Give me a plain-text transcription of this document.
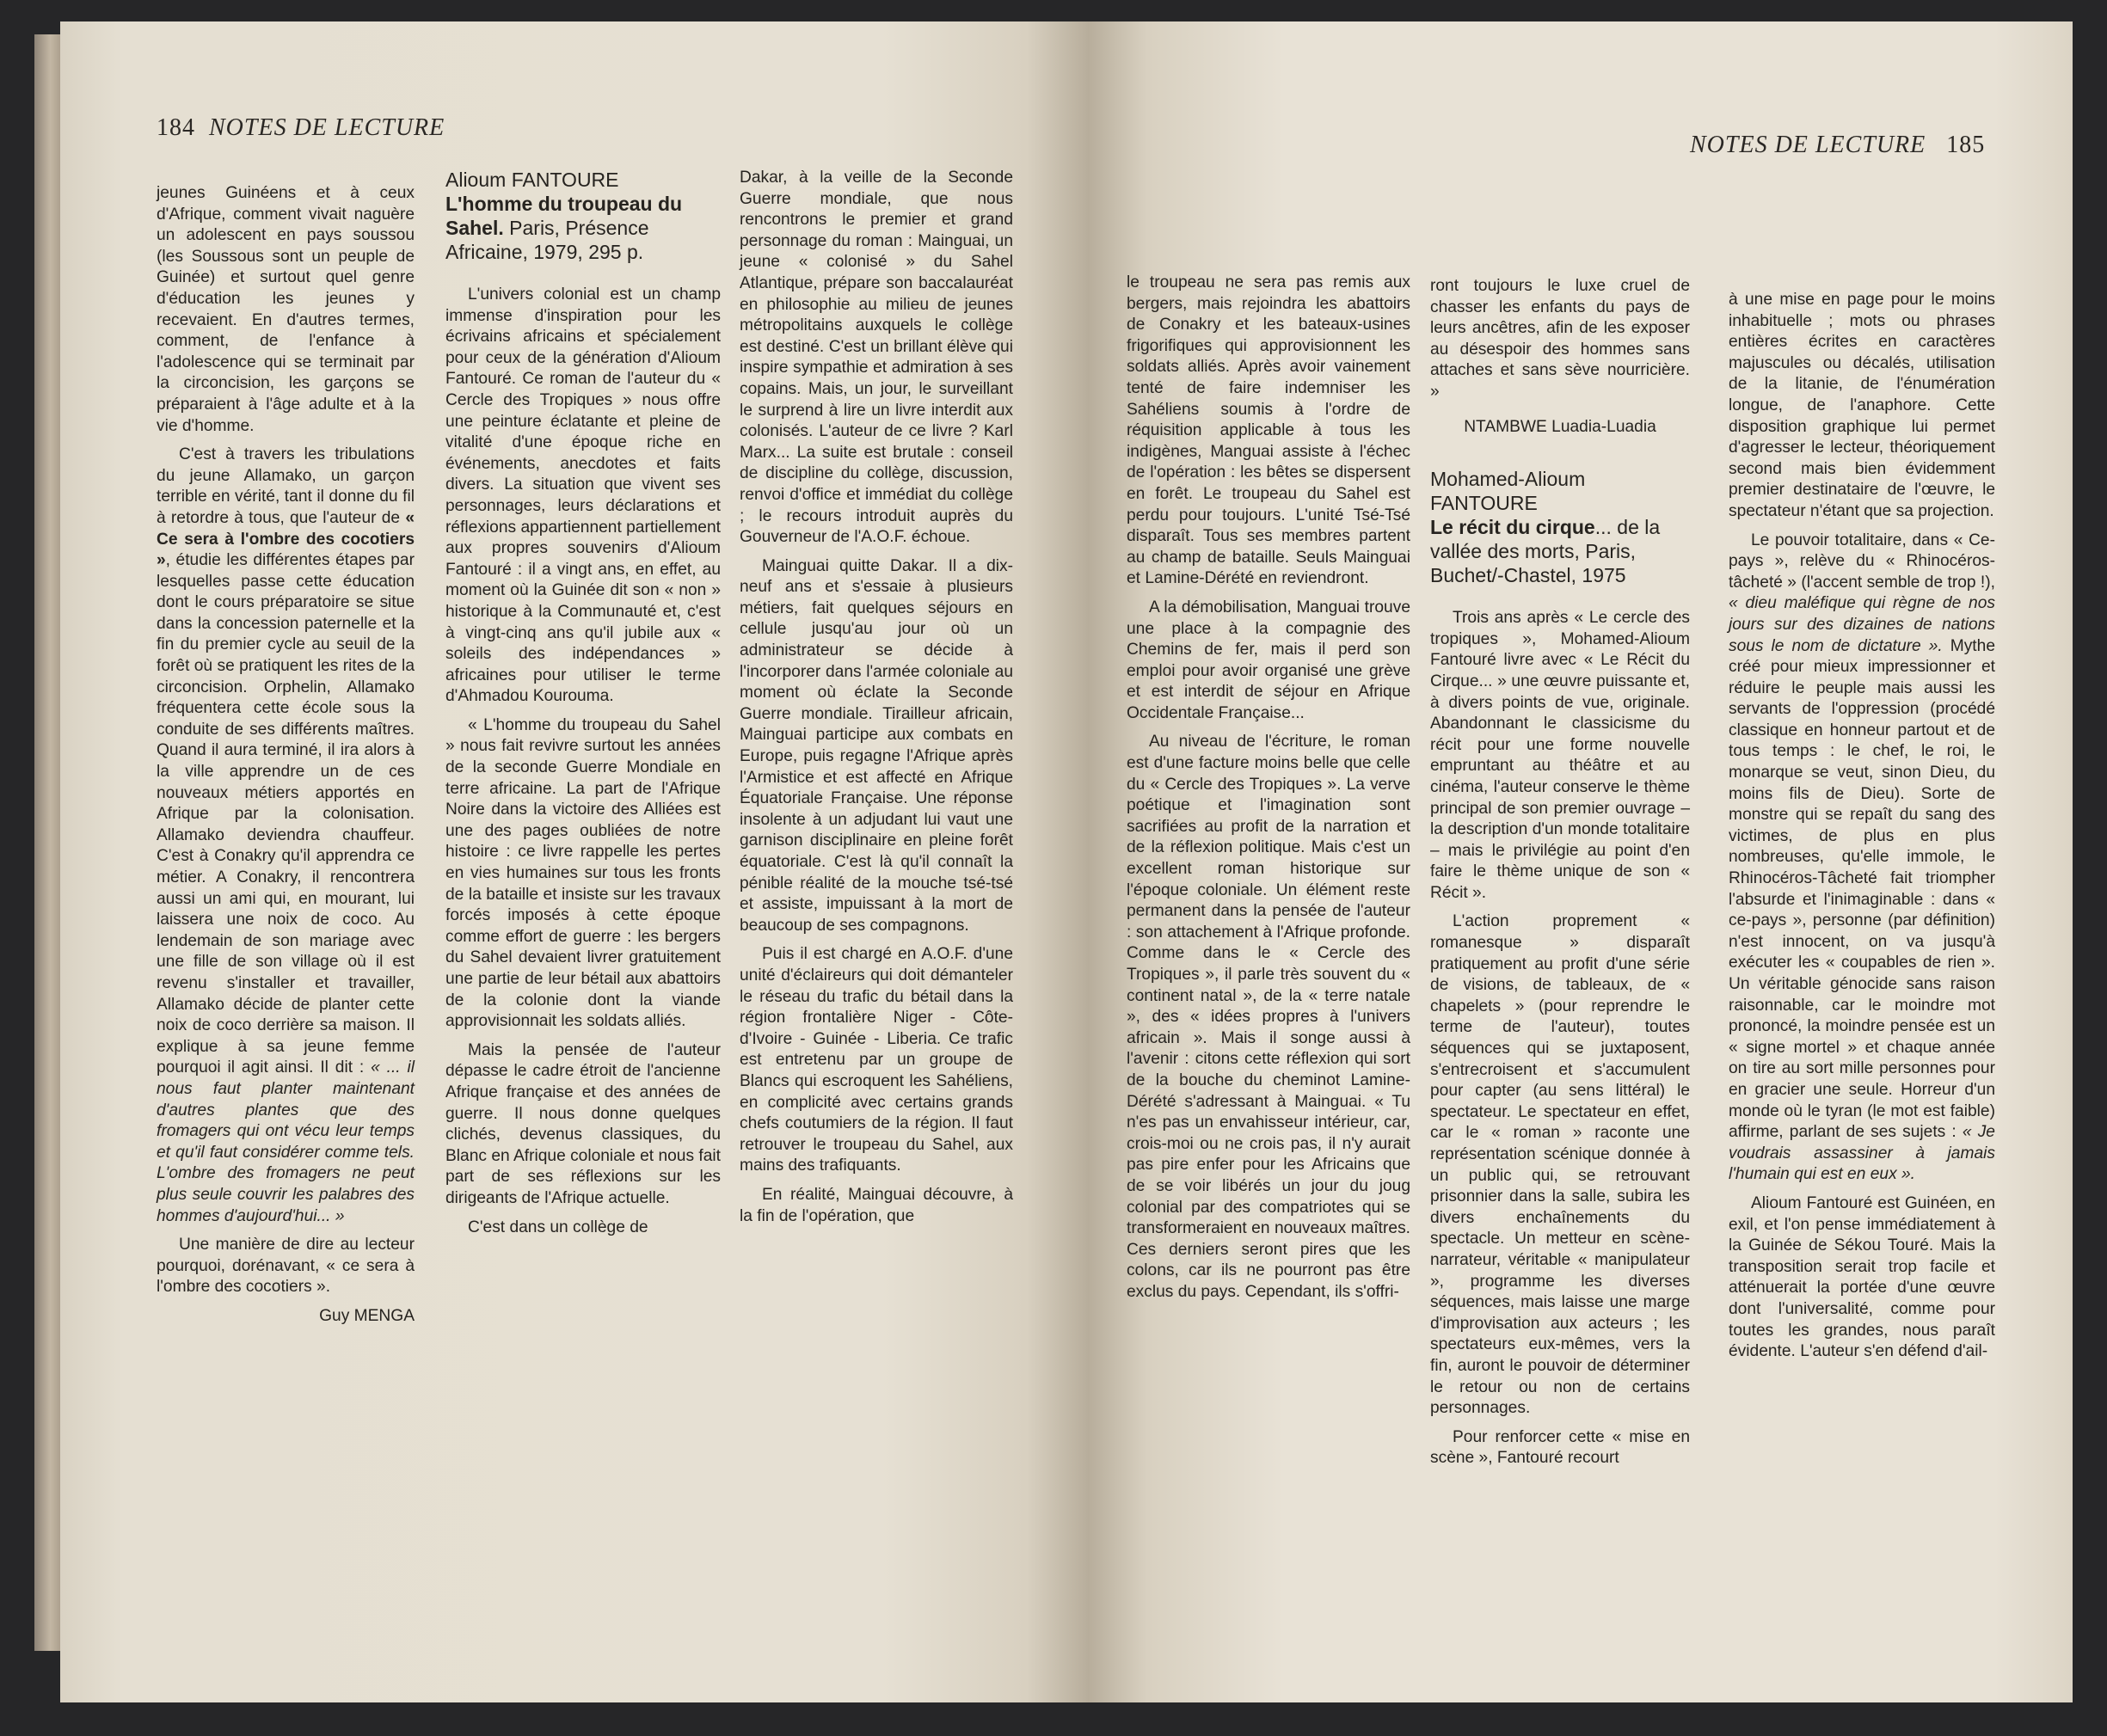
184 NOTES DE LECTURE

jeunes Guinéens et à ceux d'Afrique, comment vivait naguère un adolescent en pays soussou (les Soussous sont un peuple de Guinée) et surtout quel genre d'éducation les jeunes y recevaient. En d'autres termes, comment, de l'enfance à l'adolescence qui se terminait par la circoncision, les garçons se préparaient à l'âge adulte et à la vie d'homme.

C'est à travers les tribulations du jeune Allamako, un garçon terrible en vérité, tant il donne du fil à retordre à tous, que l'auteur de « Ce sera à l'ombre des cocotiers », étudie les différentes étapes par lesquelles passe cette éducation dont le cours préparatoire se situe dans la concession paternelle et la fin du premier cycle au seuil de la forêt où se pratiquent les rites de la circoncision. Orphelin, Allamako fréquentera cette école sous la conduite de ses différents maîtres. Quand il aura terminé, il ira alors à la ville apprendre un de ces nouveaux métiers apportés en Afrique par la colonisation. Allamako deviendra chauffeur. C'est à Conakry qu'il apprendra ce métier. A Conakry, il rencontrera aussi un ami qui, en mourant, lui laissera une noix de coco. Au lendemain de son mariage avec une fille de son village où il est revenu s'installer et travailler, Allamako décide de planter cette noix de coco derrière sa maison. Il explique à sa jeune femme pourquoi il agit ainsi. Il dit : « ... il nous faut planter maintenant d'autres plantes que des fromagers qui ont vécu leur temps et qu'il faut considérer comme tels. L'ombre des fromagers ne peut plus seule couvrir les palabres des hommes d'aujourd'hui... »

Une manière de dire au lecteur pourquoi, dorénavant, « ce sera à l'ombre des cocotiers ».

Guy MENGA
Alioum FANTOURE
L'homme du troupeau du Sahel. Paris, Présence Africaine, 1979, 295 p.

L'univers colonial est un champ immense d'inspiration pour les écrivains africains et spécialement pour ceux de la génération d'Alioum Fantouré. Ce roman de l'auteur du « Cercle des Tropiques » nous offre une peinture éclatante et pleine de vitalité d'une époque riche en événements, anecdotes et faits divers. La situation que vivent ses personnages, leurs déclarations et réflexions appartiennent partiellement aux propres souvenirs d'Alioum Fantouré : il a vingt ans, en effet, au moment où la Guinée dit son « non » historique à la Communauté et, c'est à vingt-cinq ans qu'il jubile aux « soleils des indépendances » africaines pour utiliser le terme d'Ahmadou Kourouma.

« L'homme du troupeau du Sahel » nous fait revivre surtout les années de la seconde Guerre Mondiale en terre africaine. La part de l'Afrique Noire dans la victoire des Alliées est une des pages oubliées de notre histoire : ce livre rappelle les pertes en vies humaines sur tous les fronts de la bataille et insiste sur les travaux forcés imposés à cette époque comme effort de guerre : les bergers du Sahel devaient livrer gratuitement une partie de leur bétail aux abattoirs de la colonie dont la viande approvisionnait les soldats alliés.

Mais la pensée de l'auteur dépasse le cadre étroit de l'ancienne Afrique française et des années de guerre. Il nous donne quelques clichés, devenus classiques, du Blanc en Afrique coloniale et nous fait part de ses réflexions sur les dirigeants de l'Afrique actuelle.

C'est dans un collège de

Dakar, à la veille de la Seconde Guerre mondiale, que nous rencontrons le premier et grand personnage du roman : Mainguai, un jeune « colonisé » du Sahel Atlantique, prépare son baccalauréat en philosophie au milieu de jeunes métropolitains auxquels le collège est destiné. C'est un brillant élève qui inspire sympathie et admiration à ses copains. Mais, un jour, le surveillant le surprend à lire un livre interdit aux colonisés. L'auteur de ce livre ? Karl Marx... La suite est brutale : conseil de discipline du collège, discussion, renvoi d'office et immédiat du collège ; le recours introduit auprès du Gouverneur de l'A.O.F. échoue.

Mainguai quitte Dakar. Il a dix-neuf ans et s'essaie à plusieurs métiers, fait quelques séjours en cellule jusqu'au jour où un administrateur se décide à l'incorporer dans l'armée coloniale au moment où éclate la Seconde Guerre mondiale. Tirailleur africain, Mainguai participe aux combats en Europe, puis regagne l'Afrique après l'Armistice et est affecté en Afrique Équatoriale Française. Une réponse insolente à un adjudant lui vaut une garnison disciplinaire en pleine forêt équatoriale. C'est là qu'il connaît la pénible réalité de la mouche tsé-tsé et assiste, impuissant à la mort de beaucoup de ses compagnons.

Puis il est chargé en A.O.F. d'une unité d'éclaireurs qui doit démanteler le réseau du trafic du bétail dans la région frontalière Niger - Côte-d'Ivoire - Guinée - Liberia. Ce trafic est entretenu par un groupe de Blancs qui escroquent les Sahéliens, en complicité avec certains grands chefs coutumiers de la région. Il faut retrouver le troupeau du Sahel, aux mains des trafiquants.

En réalité, Mainguai découvre, à la fin de l'opération, que

NOTES DE LECTURE 185

le troupeau ne sera pas remis aux bergers, mais rejoindra les abattoirs de Conakry et les bateaux-usines frigorifiques qui approvisionnent les soldats alliés. Après avoir vainement tenté de faire indemniser les Sahéliens soumis à l'ordre de réquisition applicable à tous les indigènes, Manguai assiste à l'échec de l'opération : les bêtes se dispersent en forêt. Le troupeau du Sahel est perdu pour toujours. L'unité Tsé-Tsé disparaît. Tous ses membres partent au champ de bataille. Seuls Mainguai et Lamine-Dérété en reviendront.

A la démobilisation, Manguai trouve une place à la compagnie des Chemins de fer, mais il perd son emploi pour avoir organisé une grève et est interdit de séjour en Afrique Occidentale Française...

Au niveau de l'écriture, le roman est d'une facture moins belle que celle du « Cercle des Tropiques ». La verve poétique et l'imagination sont sacrifiées au profit de la narration et de la réflexion politique. Mais c'est un excellent roman historique sur l'époque coloniale. Un élément reste permanent dans la pensée de l'auteur : son attachement à l'Afrique profonde. Comme dans le « Cercle des Tropiques », il parle très souvent du « continent natal », de la « terre natale », des « idées propres à l'univers africain ». Mais il songe aussi à l'avenir : citons cette réflexion qui sort de la bouche du cheminot Lamine-Dérété s'adressant à Mainguai. « Tu n'es pas un envahisseur intérieur, car, crois-moi ou ne crois pas, il n'y aurait pas pire enfer pour les Africains que de se voir libérés un jour du joug colonial par des compatriotes qui se transformeraient en nouveaux maîtres. Ces derniers seront pires que les colons, car ils ne pourront pas être exclus du pays. Cependant, ils s'offri-

ront toujours le luxe cruel de chasser les enfants du pays de leurs ancêtres, afin de les exposer au désespoir des hommes sans attaches et sans sève nourricière. »

NTAMBWE Luadia-Luadia
Mohamed-Alioum FANTOURE
Le récit du cirque... de la vallée des morts, Paris, Buchet/-Chastel, 1975

Trois ans après « Le cercle des tropiques », Mohamed-Alioum Fantouré livre avec « Le Récit du Cirque... » une œuvre puissante et, à divers points de vue, originale. Abandonnant le classicisme du récit pour une forme nouvelle empruntant au théâtre et au cinéma, l'auteur conserve le thème principal de son premier ouvrage – la description d'un monde totalitaire – mais le privilégie au point d'en faire le thème unique de son « Récit ».

L'action proprement « romanesque » disparaît pratiquement au profit d'une série de visions, de tableaux, de « chapelets » (pour reprendre le terme de l'auteur), toutes séquences qui se juxtaposent, s'entrecroisent et s'accumulent pour capter (au sens littéral) le spectateur. Le spectateur en effet, car le « roman » raconte une représentation scénique donnée à un public qui, se retrouvant prisonnier dans la salle, subira les divers enchaînements du spectacle. Un metteur en scène-narrateur, véritable « manipulateur », programme les diverses séquences, mais laisse une marge d'improvisation aux acteurs ; les spectateurs eux-mêmes, vers la fin, auront le pouvoir de déterminer le retour ou non de certains personnages.

Pour renforcer cette « mise en scène », Fantouré recourt

à une mise en page pour le moins inhabituelle ; mots ou phrases entières écrites en caractères majuscules ou décalés, utilisation de la litanie, de l'énumération longue, de l'anaphore. Cette disposition graphique lui permet d'agresser le lecteur, théoriquement second mais bien évidemment premier destinataire de l'œuvre, le spectateur n'étant que sa projection.

Le pouvoir totalitaire, dans « Ce-pays », relève du « Rhinocéros-tâcheté » (l'accent semble de trop !), « dieu maléfique qui règne de nos jours sur des dizaines de nations sous le nom de dictature ». Mythe créé pour mieux impressionner et réduire le peuple mais aussi les servants de l'oppression (procédé classique en honneur partout et de tous temps : le chef, le roi, le monarque se veut, sinon Dieu, du moins fils de Dieu). Sorte de monstre qui se repaît du sang des victimes, de plus en plus nombreuses, qu'elle immole, le Rhinocéros-Tâcheté fait triompher l'absurde et l'inimaginable : dans « ce-pays », personne (par définition) n'est innocent, on va jusqu'à exécuter les « coupables de rien ». Un véritable génocide sans raison raisonnable, car le moindre mot prononcé, la moindre pensée est un « signe mortel » et chaque année on tire au sort mille personnes pour en gracier une seule. Horreur d'un monde où le tyran (le mot est faible) affirme, parlant de ses sujets : « Je voudrais assassiner à jamais l'humain qui est en eux ».

Alioum Fantouré est Guinéen, en exil, et l'on pense immédiatement à la Guinée de Sékou Touré. Mais la transposition serait trop facile et atténuerait la portée d'une œuvre dont l'universalité, comme pour toutes les grandes, nous paraît évidente. L'auteur s'en défend d'ail-
